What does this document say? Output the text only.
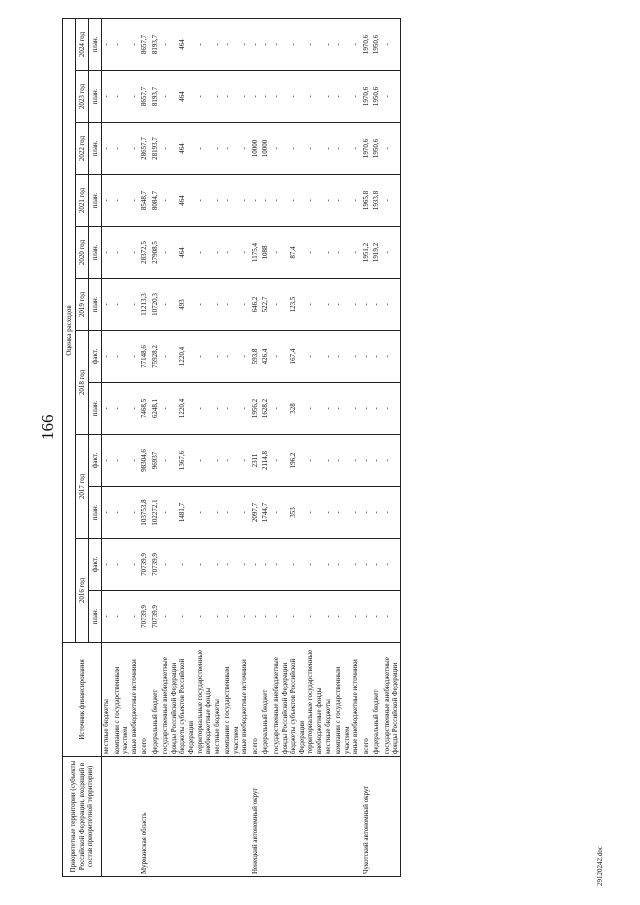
166
29120242.doc
Приоритетные территории (субъекты Российской Федерации, входящий в состав приоритетной территории)	Источник финансирования	Оценка расходов											
		2016 год		2017 год		2018 год		2019 год	2020 год	2021 год	2022 год	2023 год	2024 год
		план.	факт.	план.	факт.	план.	факт.	план.	план.	план.	план.	план.	план.
	местные бюджеты	-	-	-	-	-	-	-	-	-	-	-	-
	компании с государственным участием	-	-	-	-	-	-	-	-	-	-	-	-
	иные внебюджетные источники	-	-	-	-	-	-	-	-	-	-	-	-
Мурманская область	всего	70739,9	70739,9	103753,8	98304,6	7468,5	77148,6	11213,3	28372,5	8548,7	28657,7	8657,7	8657,7
	федеральный бюджет	70739,9	70739,9	102272,1	96937	6248,1	75928,2	10720,3	27908,5	8084,7	28193,7	8193,7	8193,7
	государственные внебюджетные фонды Российской Федерации	-	-	-	-	-	-	-	-	-	-	-	-
	бюджеты субъектов Российской Федерации	-	-	1481,7	1367,6	1220,4	1220,4	493	464	464	464	464	464
	территориальные государственные внебюджетные фонды	-	-	-	-	-	-	-	-	-	-	-	-
	местные бюджеты	-	-	-	-	-	-	-	-	-	-	-	-
	компании с государственным участием	-	-	-	-	-	-	-	-	-	-	-	-
	иные внебюджетные источники	-	-	-	-	-	-	-	-	-	-	-	-
Ненецкий автономный округ	всего	-	-	2097,7	2311	1956,2	593,8	646,2	1175,4	-	10000	-	-
	федеральный бюджет	-	-	1744,7	2114,8	1628,2	426,4	522,7	1088	-	10000	-	-
	государственные внебюджетные фонды Российской Федерации	-	-	-	-	-	-	-	-	-	-	-	-
	бюджеты субъектов Российской Федерации	-	-	353	196,2	328	167,4	123,5	87,4	-	-	-	-
	территориальные государственные внебюджетные фонды	-	-	-	-	-	-	-	-	-	-	-	-
	местные бюджеты	-	-	-	-	-	-	-	-	-	-	-	-
	компании с государственным участием	-	-	-	-	-	-	-	-	-	-	-	-
	иные внебюджетные источники	-	-	-	-	-	-	-	-	-	-	-	-
Чукотский автономный округ	всего	-	-	-	-	-	-	-	1951,2	1965,8	1970,6	1970,6	1970,6
	федеральный бюджет	-	-	-	-	-	-	-	1919,2	1933,8	1950,6	1950,6	1950,6
	государственные внебюджетные фонды Российской Федерации	-	-	-	-	-	-	-	-	-	-	-	-
